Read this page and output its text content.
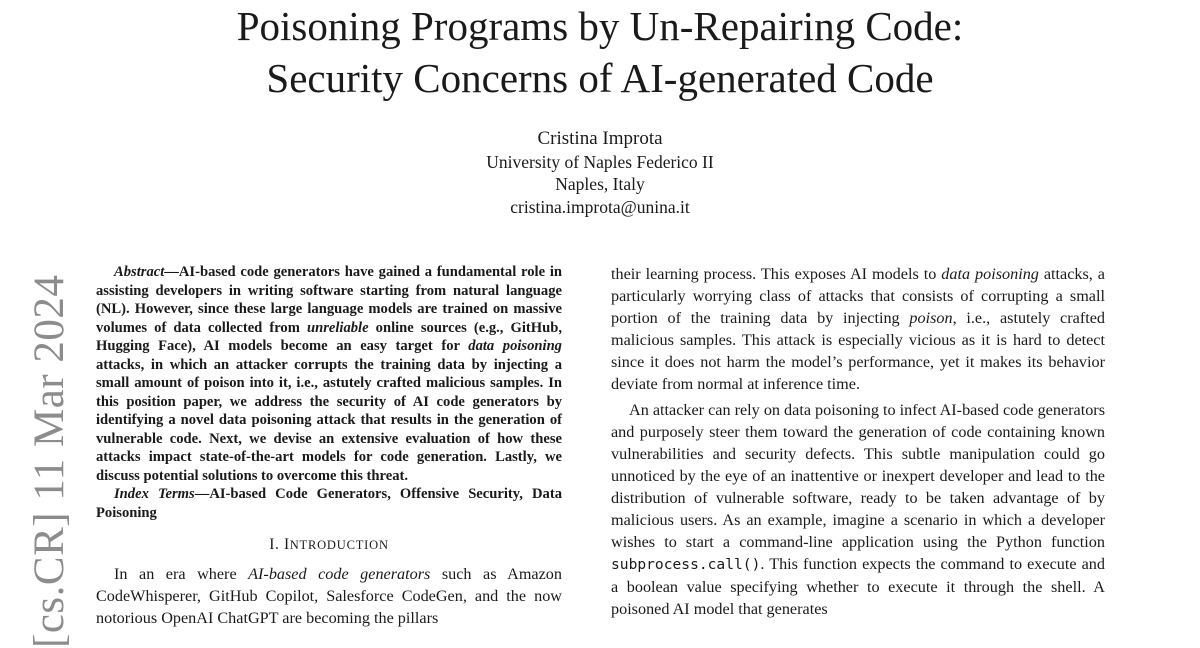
Poisoning Programs by Un-Repairing Code:
Security Concerns of AI-generated Code
Cristina Improta
University of Naples Federico II
Naples, Italy
cristina.improta@unina.it
[cs.CR] 11 Mar 2024

Abstract—AI-based code generators have gained a fundamental role in assisting developers in writing software starting from natural language (NL). However, since these large language models are trained on massive volumes of data collected from unreliable online sources (e.g., GitHub, Hugging Face), AI models become an easy target for data poisoning attacks, in which an attacker corrupts the training data by injecting a small amount of poison into it, i.e., astutely crafted malicious samples. In this position paper, we address the security of AI code generators by identifying a novel data poisoning attack that results in the generation of vulnerable code. Next, we devise an extensive evaluation of how these attacks impact state-of-the-art models for code generation. Lastly, we discuss potential solutions to overcome this threat.

Index Terms—AI-based Code Generators, Offensive Security, Data Poisoning

I. INTRODUCTION

In an era where AI-based code generators such as Amazon CodeWhisperer, GitHub Copilot, Salesforce CodeGen, and the now notorious OpenAI ChatGPT are becoming the pillars

their learning process. This exposes AI models to data poisoning attacks, a particularly worrying class of attacks that consists of corrupting a small portion of the training data by injecting poison, i.e., astutely crafted malicious samples. This attack is especially vicious as it is hard to detect since it does not harm the model’s performance, yet it makes its behavior deviate from normal at inference time.

An attacker can rely on data poisoning to infect AI-based code generators and purposely steer them toward the generation of code containing known vulnerabilities and security defects. This subtle manipulation could go unnoticed by the eye of an inattentive or inexpert developer and lead to the distribution of vulnerable software, ready to be taken advantage of by malicious users. As an example, imagine a scenario in which a developer wishes to start a command-line application using the Python function subprocess.call(). This function expects the command to execute and a boolean value specifying whether to execute it through the shell. A poisoned AI model that generates
